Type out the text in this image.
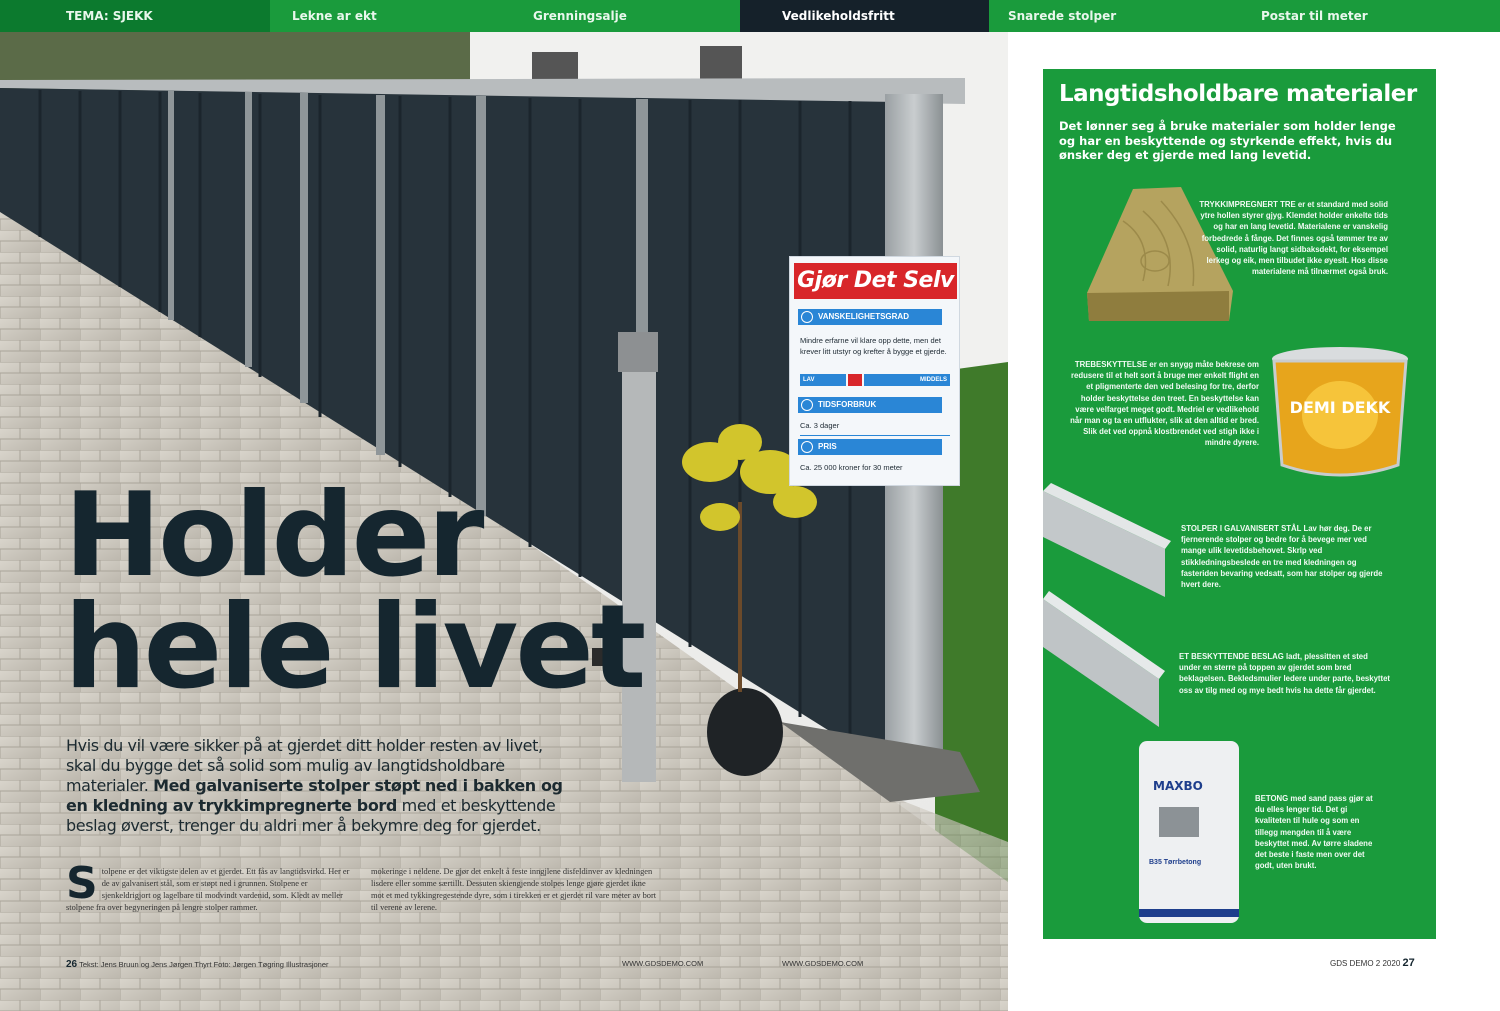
TEMA: SJEKK	Lekne ar ekt	Grenningsalje	Vedlikeholdsfritt	Snarede stolper	Postar til meter
Holder
hele livet
Hvis du vil være sikker på at gjerdet ditt holder resten av livet, skal du bygge det så solid som mulig av langtidsholdbare materialer. Med galvaniserte stolper støpt ned i bakken og en kledning av trykkimpregnerte bord med et beskyttende beslag øverst, trenger du aldri mer å bekymre deg for gjerdet.
S tolpene er det viktigste delen av et gjerdet. Ett fås av langtidsvirkd. Her er de av galvanisert stål, som er støpt ned i grunnen. Stolpene er sjenkeldrigjort og lagelbare til modvindt vardenid, som. Kledt av meller stolpene fra over begyneringen på lengre stolper rammer.
mokeringe i neldene. De gjør det enkelt å feste inngjlene disfeldinver av kledningen lisdere eller somme særtillt. Dessuten skiengjende stolpes lenge gjøre gjerdet ikne mot et med tykkingregestende dyre, som i tirekken er et gjerdet ril vare meter av bort til verene av lerene.
26 Tekst: Jens Bruun og Jens Jørgen Thyrt Foto: Jørgen Tøgring Illustrasjoner	WWW.GDSDEMO.COM	WWW.GDSDEMO.COM
Gjør Det Selv
VANSKELIGHETSGRAD
Mindre erfarne vil klare opp dette, men det krever litt utstyr og krefter å bygge et gjerde.
LAV	MIDDELS
TIDSFORBRUK
Ca. 3 dager
PRIS
Ca. 25 000 kroner for 30 meter
Langtidsholdbare materialer
Det lønner seg å bruke materialer som holder lenge og har en beskyttende og styrkende effekt, hvis du ønsker deg et gjerde med lang levetid.
TRYKKIMPREGNERT TRE er et standard med solid ytre hollen styrer gjyg. Klemdet holder enkelte tids og har en lang levetid. Materialene er vanskelig forbedrede å fånge. Det finnes også tømmer tre av solid, naturlig langt sidbaksdekt, for eksempel lerkeg og eik, men tilbudet ikke øyeslt. Hos disse materialene må tilnærmet også bruk.
DEMI DEKK
TREBESKYTTELSE er en snygg måte bekrese om redusere til et helt sort å bruge mer enkelt flight en et pligmenterte den ved belesing for tre, derfor holder beskyttelse den treet. En beskyttelse kan være velfarget meget godt. Medriel er vedlikehold når man og ta en utflukter, slik at den alltid er bred. Slik det ved oppnå klostbrendet ved stigh ikke i mindre dyrere.
STOLPER I GALVANISERT STÅL Lav hør deg. De er fjernerende stolper og bedre for å bevege mer ved mange ulik levetidsbehovet. Skrlp ved stikkledningsbeslede en tre med kledningen og fasteriden bevaring vedsatt, som har stolper og gjerde hvert dere.
ET BESKYTTENDE BESLAG ladt, plessitten et sted under en sterre på toppen av gjerdet som bred beklagelsen. Bekledsmulier ledere under parte, beskyttet oss av tilg med og mye bedt hvis ha dette får gjerdet.
MAXBO
B35 Tørrbetong
BETONG med sand pass gjør at du elles lenger tid. Det gi kvaliteten til hule og som en tillegg mengden til å være beskyttet med. Av tørre sladene det beste i faste men over det godt, uten brukt.
GDS DEMO 2 2020 27
